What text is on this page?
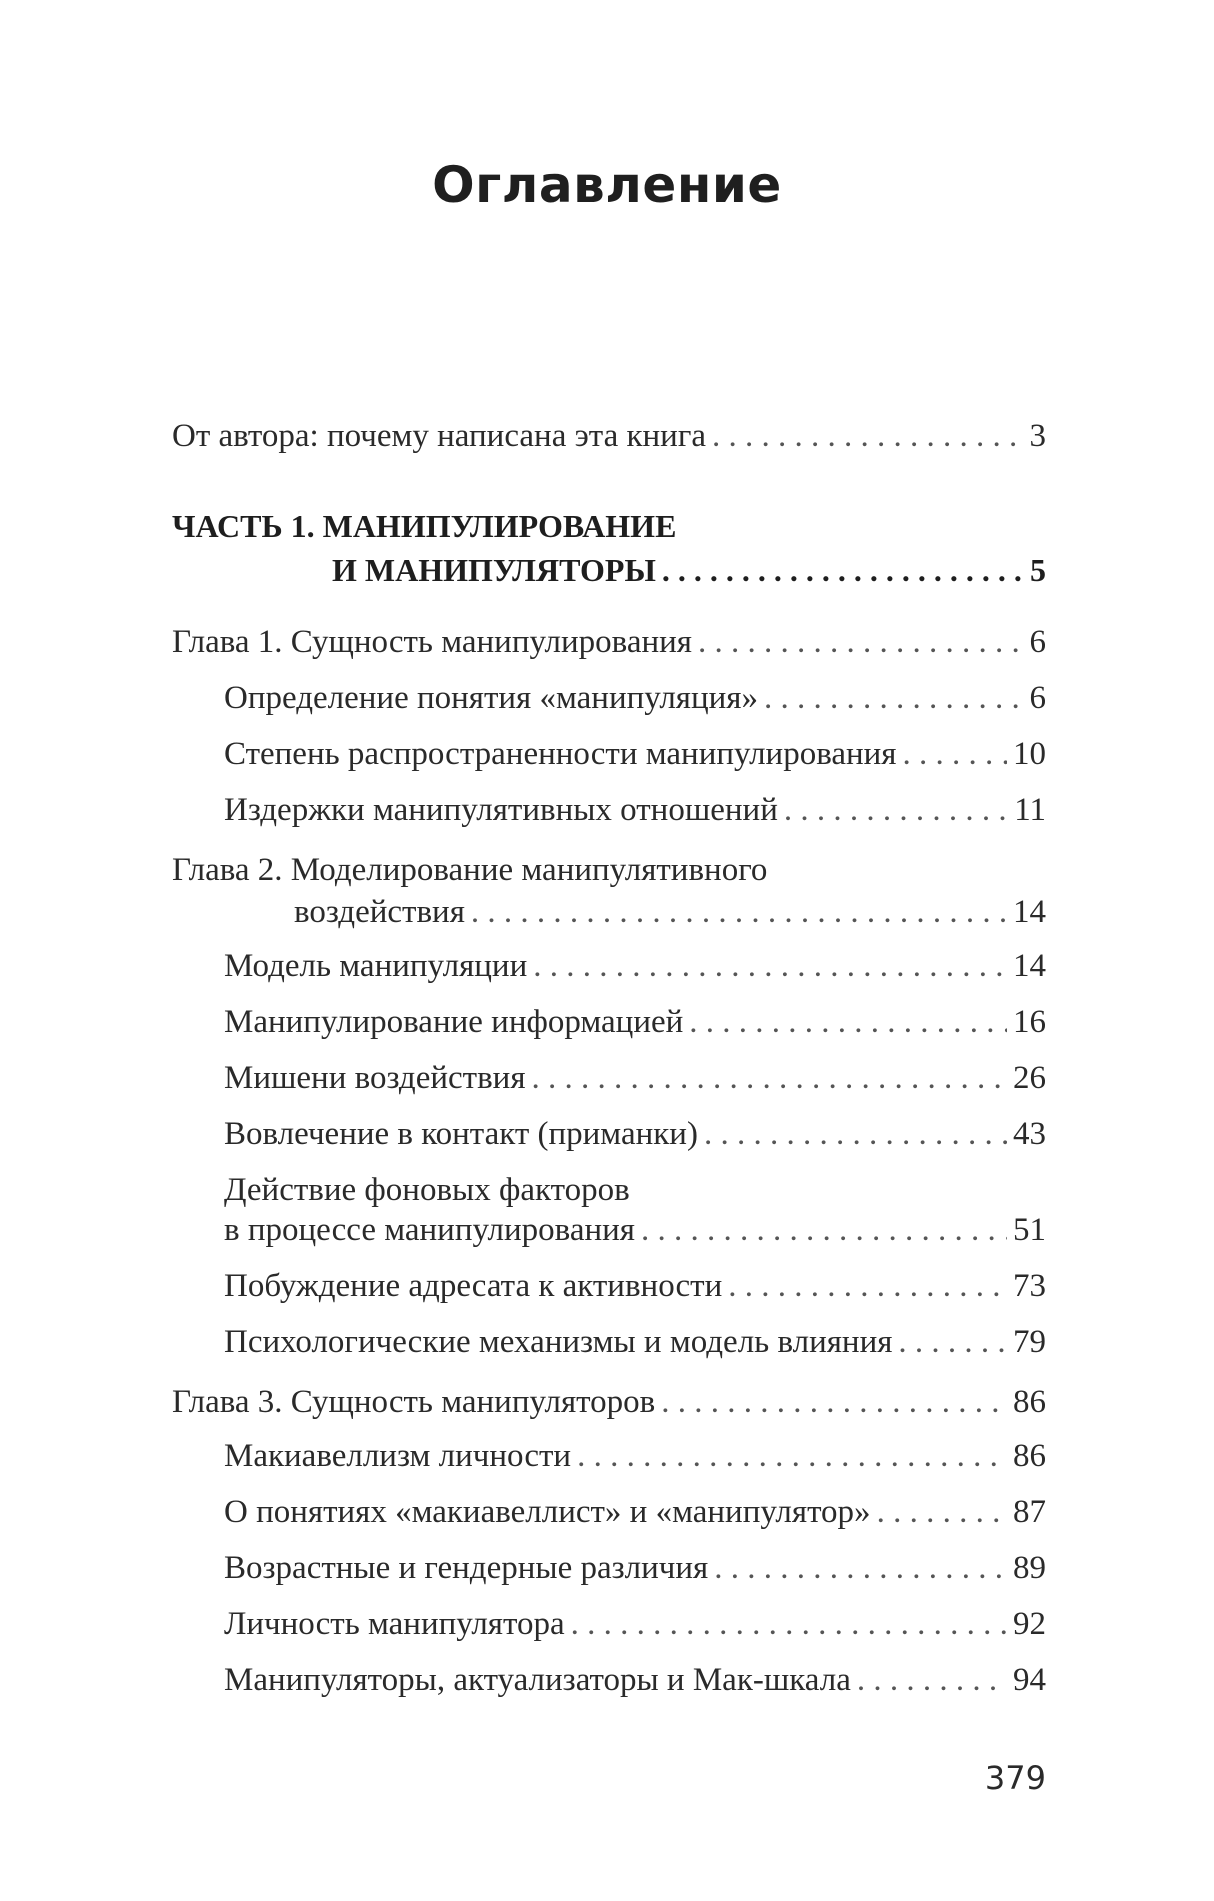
Оглавление
От автора: почему написана эта книга . . .	3
ЧАСТЬ 1. МАНИПУЛИРОВАНИЕ
И МАНИПУЛЯТОРЫ . . .	5
Глава 1. Сущность манипулирования . . .	6
Определение понятия «манипуляция» . . .	6
Степень распространенности манипулирования . . .	10
Издержки манипулятивных отношений . . .	11
Глава 2. Моделирование манипулятивного
воздействия . . .	14
Модель манипуляции . . .	14
Манипулирование информацией . . .	16
Мишени воздействия . . .	26
Вовлечение в контакт (приманки) . . .	43
Действие фоновых факторов
в процессе манипулирования . . .	51
Побуждение адресата к активности . . .	73
Психологические механизмы и модель влияния . . .	79
Глава 3. Сущность манипуляторов . . .	86
Макиавеллизм личности . . .	86
О понятиях «макиавеллист» и «манипулятор» . . .	87
Возрастные и гендерные различия . . .	89
Личность манипулятора . . .	92
Манипуляторы, актуализаторы и Мак-шкала . . .	94
379
